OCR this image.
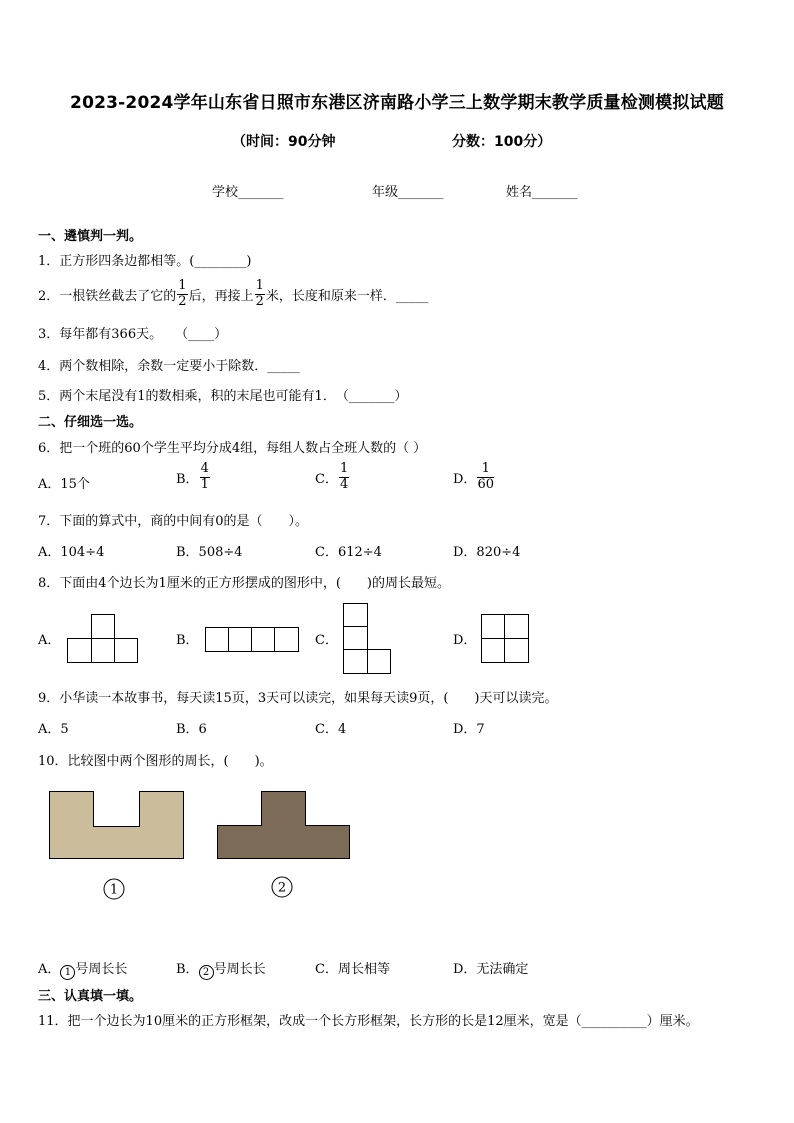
2023-2024学年山东省日照市东港区济南路小学三上数学期末教学质量检测模拟试题
（时间：90分钟	分数：100分）
学校_______	年级_______	姓名_______
一、遴慎判一判。
1．正方形四条边都相等。(________)
2．一根铁丝截去了它的 $\frac{1}{2}$ 后，再接上 $\frac{1}{2}$ 米，长度和原来一样．_____
3．每年都有366天。　　（____）
4．两个数相除，余数一定要小于除数．_____
5．两个末尾没有1的数相乘，积的末尾也可能有1．　（_______）
二、仔细选一选。
6．把一个班的60个学生平均分成4组，每组人数占全班人数的（ ）
A．15个	B． $\frac{4}{1}$	C． $\frac{1}{4}$	D． $\frac{1}{60}$
7．下面的算式中，商的中间有0的是（　　）。
A．104÷4	B．508÷4	C．612÷4	D．820÷4
8．下面由4个边长为1厘米的正方形摆成的图形中，(　　)的周长最短。
A．	B．	C．	D．
9．小华读一本故事书，每天读15页，3天可以读完，如果每天读9页，(　　)天可以读完。
A．5	B．6	C．4	D．7
10．比较图中两个图形的周长，(　　)。
1	2
A． 1 号周长长	B． 2 号周长长	C．周长相等	D．无法确定
三、认真填一填。
11．把一个边长为10厘米的正方形框架，改成一个长方形框架，长方形的长是12厘米，宽是（__________）厘米。
